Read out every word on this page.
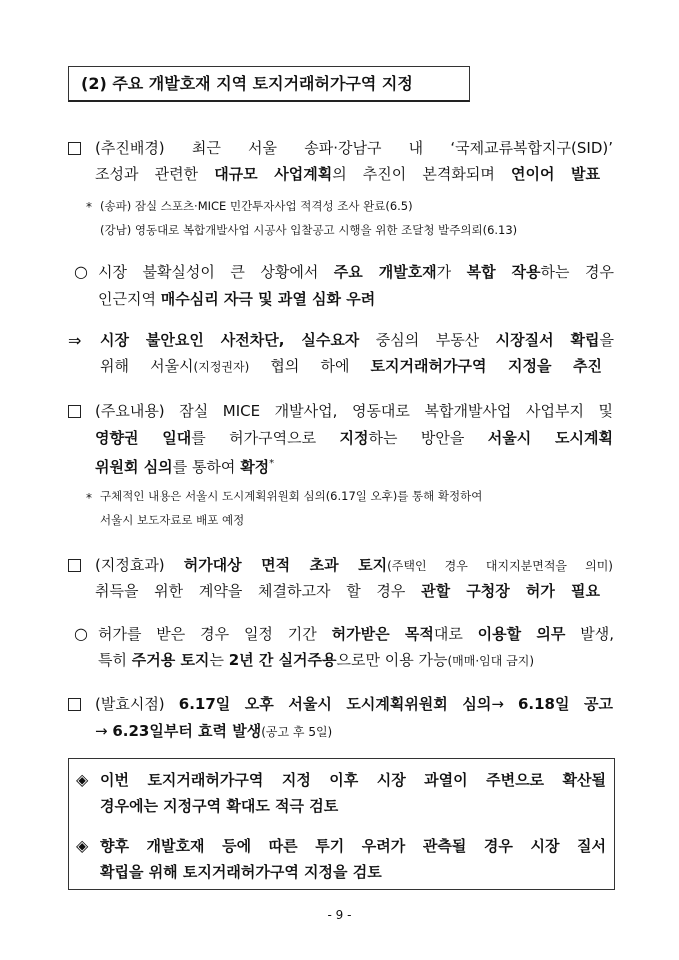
(2) 주요 개발호재 지역 토지거래허가구역 지정
(추진배경) 최근 서울 송파·강남구 내 ‘국제교류복합지구(SID)’
조성과 관련한 대규모 사업계획의 추진이 본격화되며 연이어 발표
* (송파) 잠실 스포츠·MICE 민간투자사업 적격성 조사 완료(6.5)
(강남) 영동대로 복합개발사업 시공사 입찰공고 시행을 위한 조달청 발주의뢰(6.13)
○ 시장 불확실성이 큰 상황에서 주요 개발호재가 복합 작용하는 경우
인근지역 매수심리 자극 및 과열 심화 우려
⇒ 시장 불안요인 사전차단, 실수요자 중심의 부동산 시장질서 확립을
위해 서울시(지정권자) 협의 하에 토지거래허가구역 지정을 추진
(주요내용) 잠실 MICE 개발사업, 영동대로 복합개발사업 사업부지 및
영향권 일대를 허가구역으로 지정하는 방안을 서울시 도시계획
위원회 심의를 통하여 확정*
* 구체적인 내용은 서울시 도시계획위원회 심의(6.17일 오후)를 통해 확정하여
서울시 보도자료로 배포 예정
(지정효과) 허가대상 면적 초과 토지(주택인 경우 대지지분면적을 의미)
취득을 위한 계약을 체결하고자 할 경우 관할 구청장 허가 필요
○ 허가를 받은 경우 일정 기간 허가받은 목적대로 이용할 의무 발생,
특히 주거용 토지는 2년 간 실거주용으로만 이용 가능(매매·임대 금지)
(발효시점) 6.17일 오후 서울시 도시계획위원회 심의→ 6.18일 공고
→ 6.23일부터 효력 발생(공고 후 5일)
◈ 이번 토지거래허가구역 지정 이후 시장 과열이 주변으로 확산될
경우에는 지정구역 확대도 적극 검토
◈ 향후 개발호재 등에 따른 투기 우려가 관측될 경우 시장 질서
확립을 위해 토지거래허가구역 지정을 검토
- 9 -
